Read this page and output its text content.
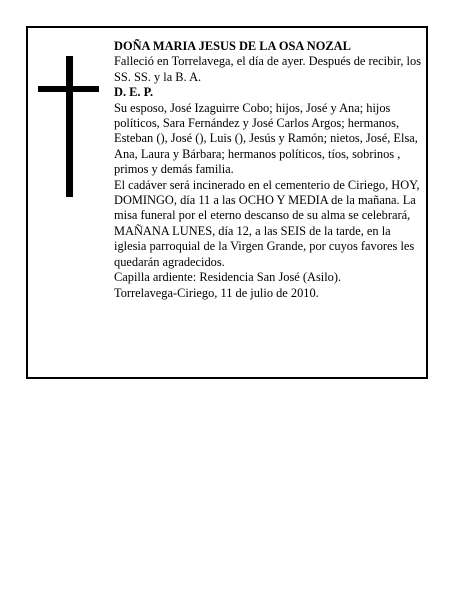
DOÑA MARIA JESUS DE LA OSA NOZAL

Falleció en Torrelavega, el día de ayer. Después de recibir, los SS. SS. y la B. A.

D. E. P.

Su esposo, José Izaguirre Cobo; hijos, José y Ana; hijos políticos, Sara Fernández y José Carlos Argos; hermanos, Esteban (), José (), Luis (), Jesús y Ramón; nietos, José, Elsa, Ana, Laura y Bárbara; hermanos políticos, tíos, sobrinos , primos y demás familia.

El cadáver será incinerado en el cementerio de Ciriego, HOY, DOMINGO, día 11 a las OCHO Y MEDIA de la mañana. La misa funeral por el eterno descanso de su alma se celebrará, MAÑANA LUNES, día 12, a las SEIS de la tarde, en la iglesia parroquial de la Virgen Grande, por cuyos favores les quedarán agradecidos.

Capilla ardiente: Residencia San José (Asilo).

Torrelavega-Ciriego, 11 de julio de 2010.
